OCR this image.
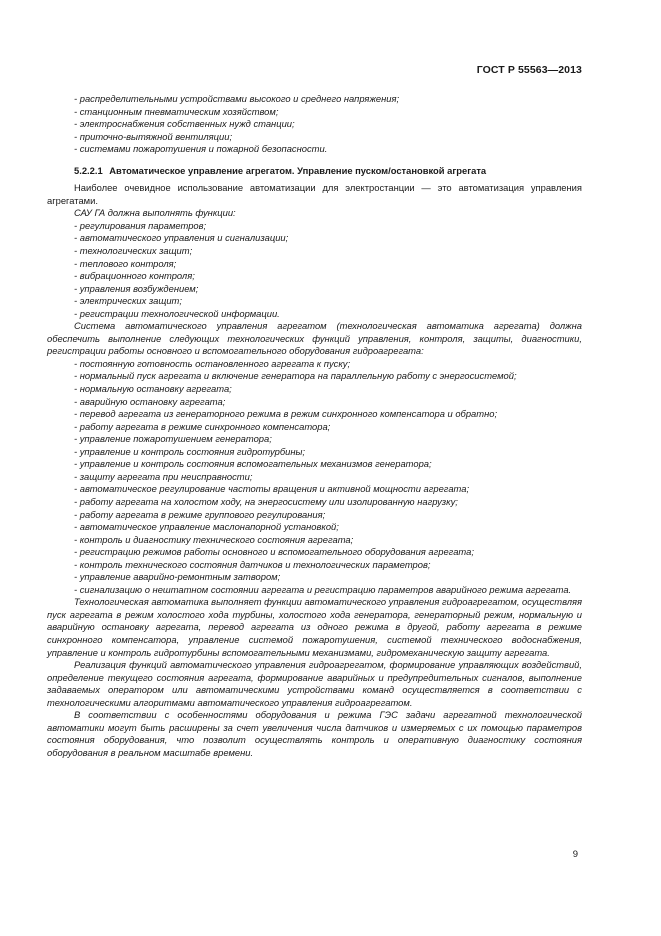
ГОСТ Р 55563—2013
- распределительными устройствами высокого и среднего напряжения;
- станционным пневматическим хозяйством;
- электроснабжения собственных нужд станции;
- приточно-вытяжной вентиляции;
- системами пожаротушения и пожарной безопасности.
5.2.2.1 Автоматическое управление агрегатом. Управление пуском/остановкой агрегата

Наиболее очевидное использование автоматизации для электростанции — это автоматизация управления агрегатами.

САУ ГА должна выполнять функции:

- регулирования параметров;
- автоматического управления и сигнализации;
- технологических защит;
- теплового контроля;
- вибрационного контроля;
- управления возбуждением;
- электрических защит;
- регистрации технологической информации.

Система автоматического управления агрегатом (технологическая автоматика агрегата) должна обеспечить выполнение следующих технологических функций управления, контроля, защиты, диагностики, регистрации работы основного и вспомогательного оборудования гидроагрегата:

- постоянную готовность остановленного агрегата к пуску;
- нормальный пуск агрегата и включение генератора на параллельную работу с энергосистемой;
- нормальную остановку агрегата;
- аварийную остановку агрегата;
- перевод агрегата из генераторного режима в режим синхронного компенсатора и обратно;
- работу агрегата в режиме синхронного компенсатора;
- управление пожаротушением генератора;
- управление и контроль состояния гидротурбины;
- управление и контроль состояния вспомогательных механизмов генератора;
- защиту агрегата при неисправности;
- автоматическое регулирование частоты вращения и активной мощности агрегата;
- работу агрегата на холостом ходу, на энергосистему или изолированную нагрузку;
- работу агрегата в режиме группового регулирования;
- автоматическое управление маслонапорной установкой;
- контроль и диагностику технического состояния агрегата;
- регистрацию режимов работы основного и вспомогательного оборудования агрегата;
- контроль технического состояния датчиков и технологических параметров;
- управление аварийно-ремонтным затвором;
- сигнализацию о нештатном состоянии агрегата и регистрацию параметров аварийного режима агрегата.

Технологическая автоматика выполняет функции автоматического управления гидроагрегатом, осуществляя пуск агрегата в режим холостого хода турбины, холостого хода генератора, генераторный режим, нормальную и аварийную остановку агрегата, перевод агрегата из одного режима в другой, работу агрегата в режиме синхронного компенсатора, управление системой пожаротушения, системой технического водоснабжения, управление и контроль гидротурбины вспомогательными механизмами, гидромеханическую защиту агрегата.

Реализация функций автоматического управления гидроагрегатом, формирование управляющих воздействий, определение текущего состояния агрегата, формирование аварийных и предупредительных сигналов, выполнение задаваемых оператором или автоматическими устройствами команд осуществляется в соответствии с технологическими алгоритмами автоматического управления гидроагрегатом.

В соответствии с особенностями оборудования и режима ГЭС задачи агрегатной технологической автоматики могут быть расширены за счет увеличения числа датчиков и измеряемых с их помощью параметров состояния оборудования, что позволит осуществлять контроль и оперативную диагностику состояния оборудования в реальном масштабе времени.

9
